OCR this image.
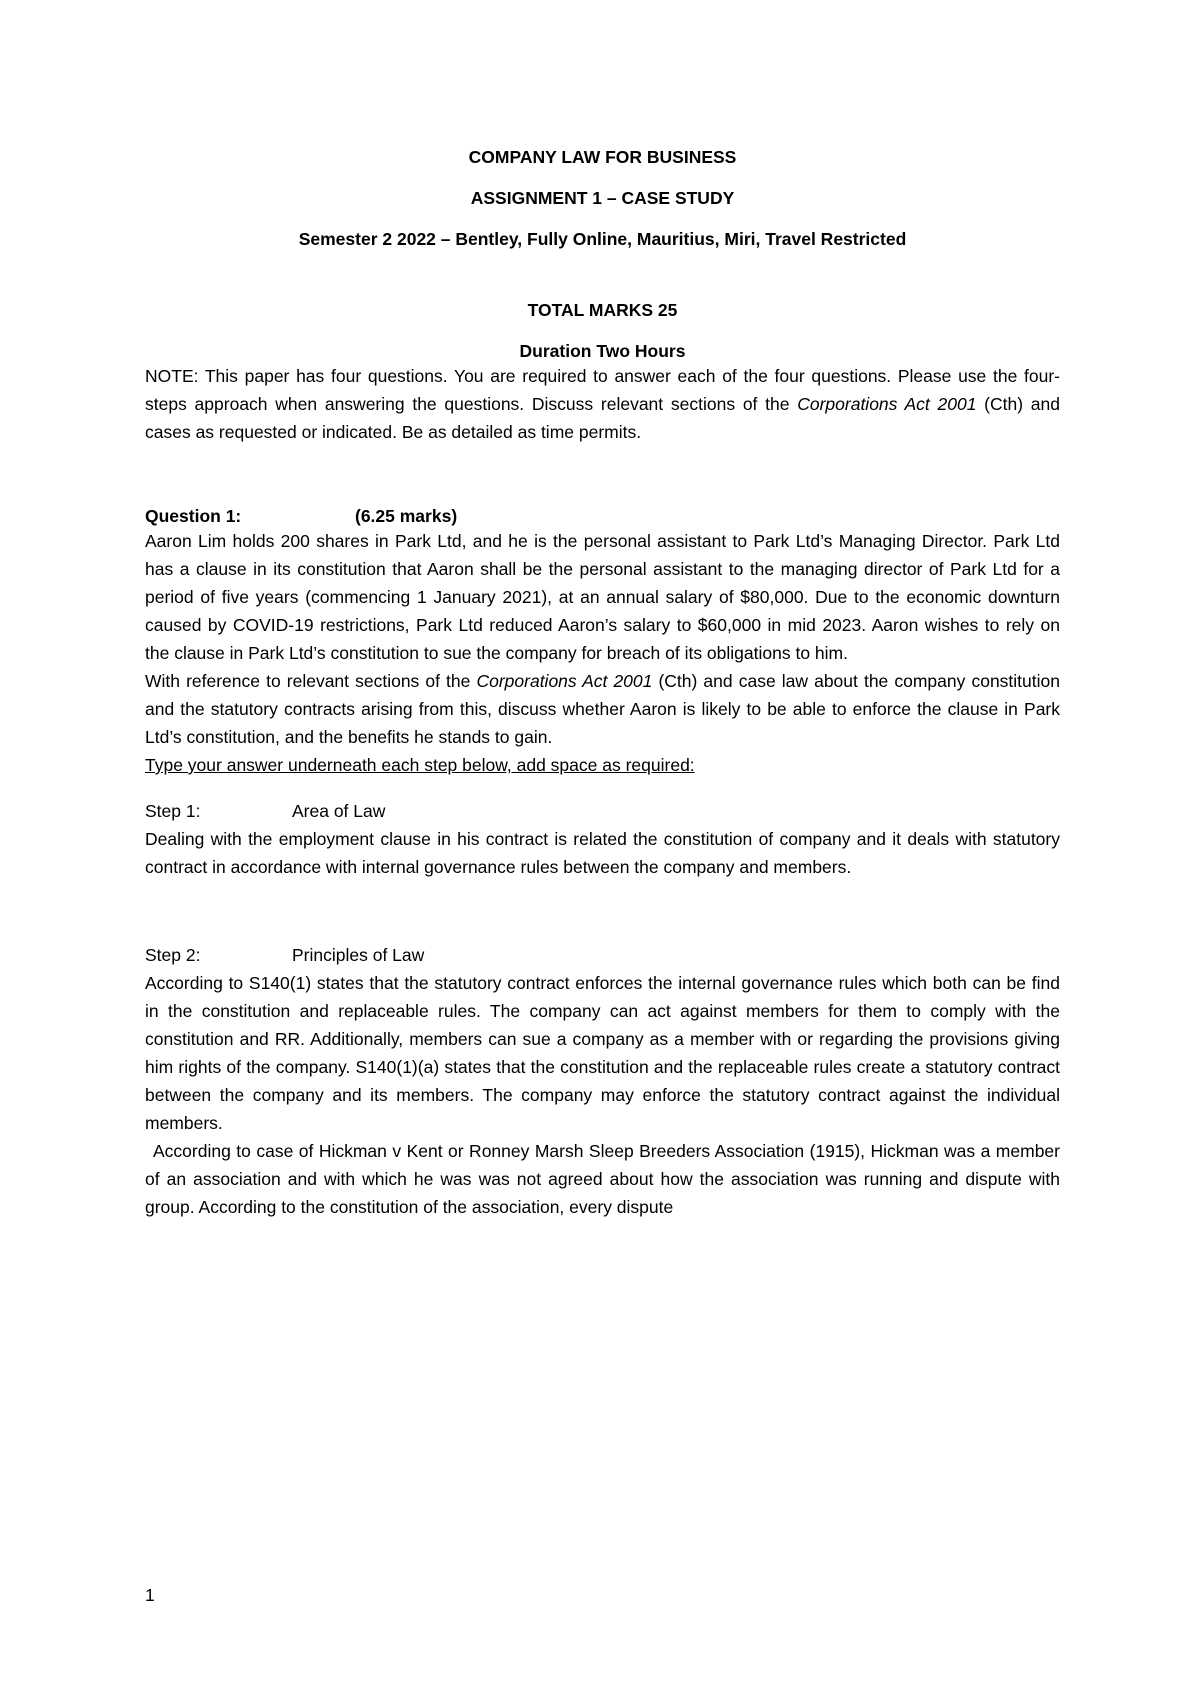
COMPANY LAW FOR BUSINESS

ASSIGNMENT 1 – CASE STUDY

Semester 2 2022 – Bentley, Fully Online, Mauritius, Miri, Travel Restricted

TOTAL MARKS 25

Duration Two Hours

NOTE: This paper has four questions. You are required to answer each of the four questions. Please use the four-steps approach when answering the questions. Discuss relevant sections of the Corporations Act 2001 (Cth) and cases as requested or indicated. Be as detailed as time permits.

Question 1:	(6.25 marks)

Aaron Lim holds 200 shares in Park Ltd, and he is the personal assistant to Park Ltd’s Managing Director. Park Ltd has a clause in its constitution that Aaron shall be the personal assistant to the managing director of Park Ltd for a period of five years (commencing 1 January 2021), at an annual salary of $80,000. Due to the economic downturn caused by COVID-19 restrictions, Park Ltd reduced Aaron’s salary to $60,000 in mid 2023. Aaron wishes to rely on the clause in Park Ltd’s constitution to sue the company for breach of its obligations to him.

With reference to relevant sections of the Corporations Act 2001 (Cth) and case law about the company constitution and the statutory contracts arising from this, discuss whether Aaron is likely to be able to enforce the clause in Park Ltd’s constitution, and the benefits he stands to gain.

Type your answer underneath each step below, add space as required:

Step 1:	Area of Law

Dealing with the employment clause in his contract is related the constitution of company and it deals with statutory contract in accordance with internal governance rules between the company and members.

Step 2:	Principles of Law

According to S140(1) states that the statutory contract enforces the internal governance rules which both can be find in the constitution and replaceable rules. The company can act against members for them to comply with the constitution and RR. Additionally, members can sue a company as a member with or regarding the provisions giving him rights of the company. S140(1)(a) states that the constitution and the replaceable rules create a statutory contract between the company and its members. The company may enforce the statutory contract against the individual members.

According to case of Hickman v Kent or Ronney Marsh Sleep Breeders Association (1915), Hickman was a member of an association and with which he was was not agreed about how the association was running and dispute with group. According to the constitution of the association, every dispute

1
